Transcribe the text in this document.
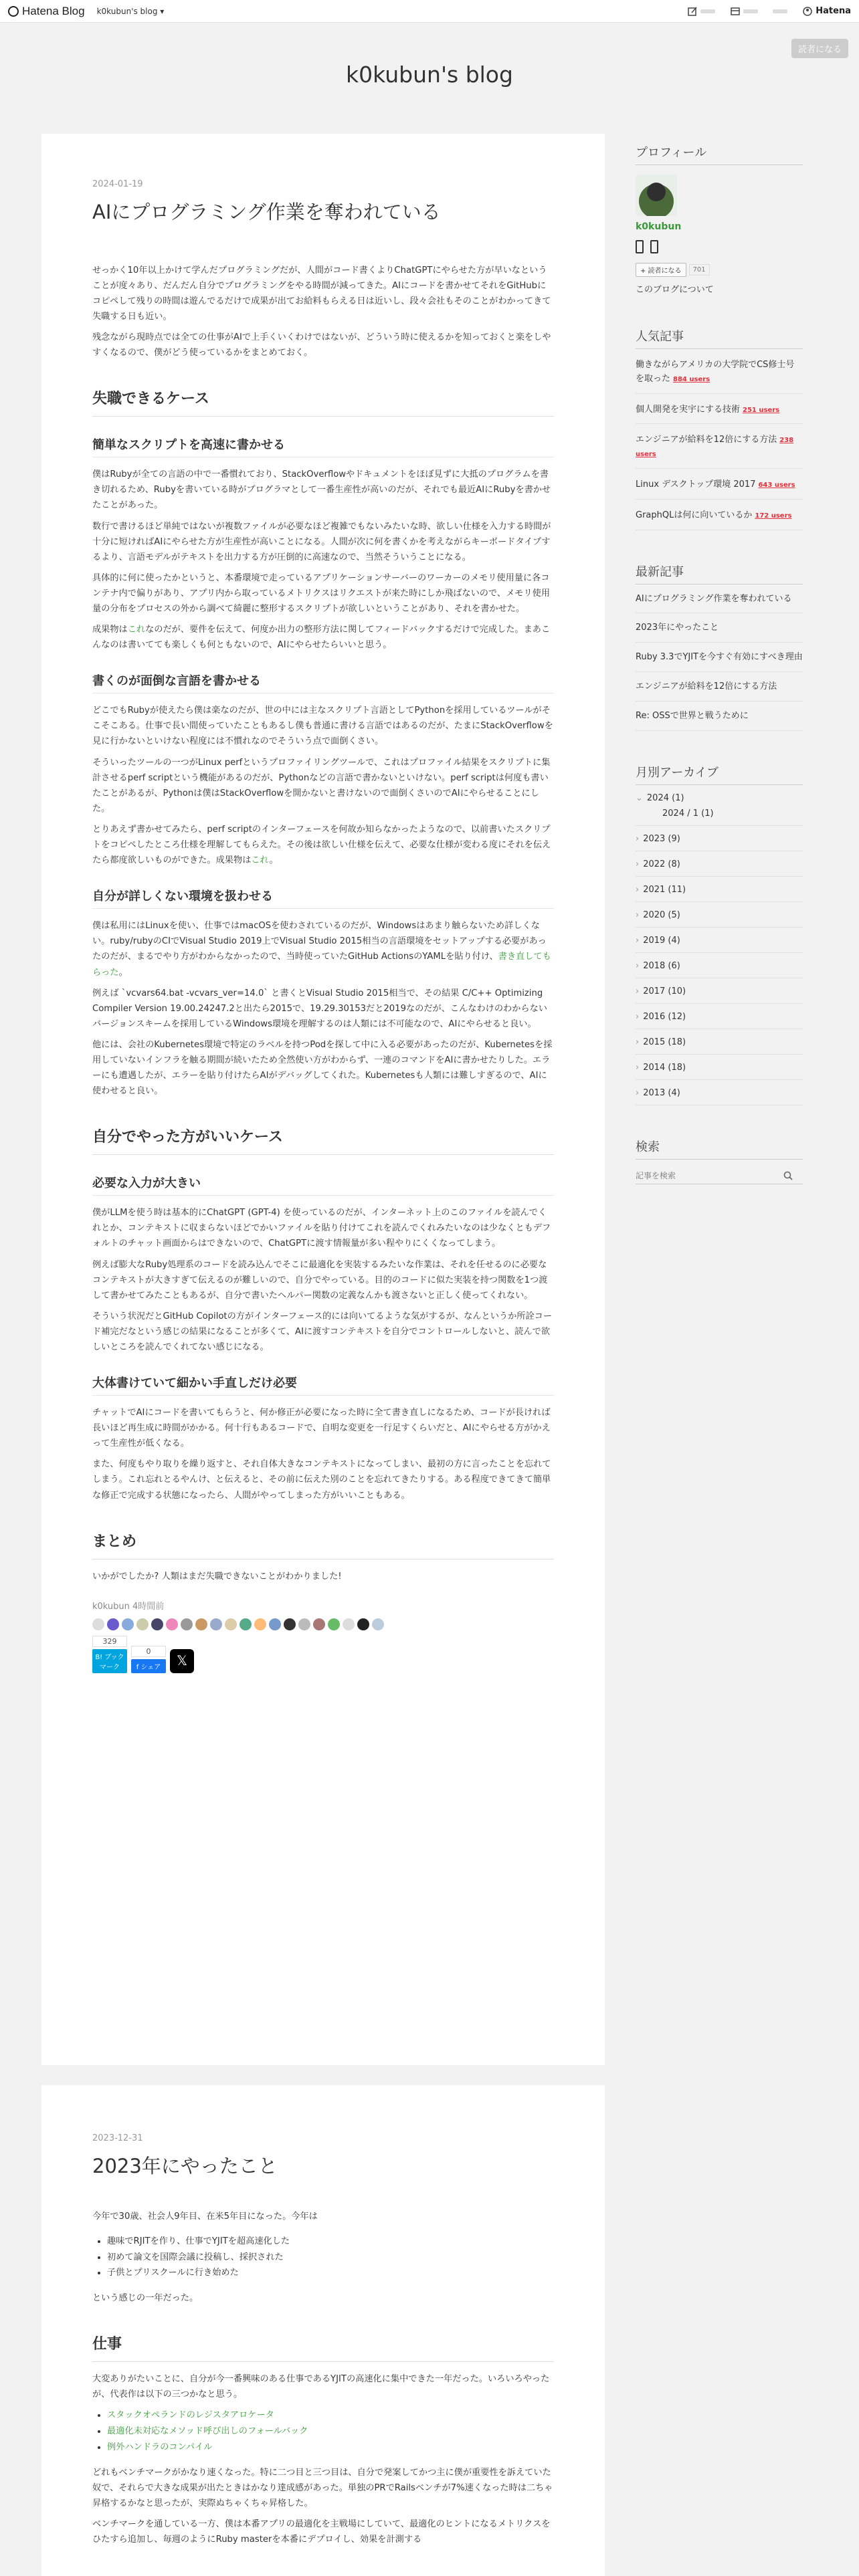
Hatena Blog k0kubun's blog ▾	Hatena
k0kubun's blog
読者になる
2024-01-19
AIにプログラミング作業を奪われている

せっかく10年以上かけて学んだプログラミングだが、人間がコード書くよりChatGPTにやらせた方が早いなということが度々あり、だんだん自分でプログラミングをやる時間が減ってきた。AIにコードを書かせてそれをGitHubにコピペして残りの時間は遊んでるだけで成果が出てお給料もらえる日は近いし、段々会社もそのことがわかってきて失職する日も近い。

残念ながら現時点では全ての仕事がAIで上手くいくわけではないが、どういう時に使えるかを知っておくと楽をしやすくなるので、僕がどう使っているかをまとめておく。

失職できるケース
簡単なスクリプトを高速に書かせる

僕はRubyが全ての言語の中で一番慣れており、StackOverflowやドキュメントをほぼ見ずに大抵のプログラムを書き切れるため、Rubyを書いている時がプログラマとして一番生産性が高いのだが、それでも最近AIにRubyを書かせたことがあった。

数行で書けるほど単純ではないが複数ファイルが必要なほど複雑でもないみたいな時、欲しい仕様を入力する時間が十分に短ければAIにやらせた方が生産性が高いことになる。人間が次に何を書くかを考えながらキーボードタイプするより、言語モデルがテキストを出力する方が圧倒的に高速なので、当然そういうことになる。

具体的に何に使ったかというと、本番環境で走っているアプリケーションサーバーのワーカーのメモリ使用量に各コンテナ内で偏りがあり、アプリ内から取っているメトリクスはリクエストが来た時にしか飛ばないので、メモリ使用量の分布をプロセスの外から調べて綺麗に整形するスクリプトが欲しいということがあり、それを書かせた。

成果物はこれなのだが、要件を伝えて、何度か出力の整形方法に関してフィードバックするだけで完成した。まあこんなのは書いてても楽しくも何ともないので、AIにやらせたらいいと思う。

書くのが面倒な言語を書かせる

どこでもRubyが使えたら僕は楽なのだが、世の中には主なスクリプト言語としてPythonを採用しているツールがそこそこある。仕事で長い間使っていたこともあるし僕も普通に書ける言語ではあるのだが、たまにStackOverflowを見に行かないといけない程度には不慣れなのでそういう点で面倒くさい。

そういったツールの一つがLinux perfというプロファイリングツールで、これはプロファイル結果をスクリプトに集計させるperf scriptという機能があるのだが、Pythonなどの言語で書かないといけない。perf scriptは何度も書いたことがあるが、Pythonは僕はStackOverflowを開かないと書けないので面倒くさいのでAIにやらせることにした。

とりあえず書かせてみたら、perf scriptのインターフェースを何故か知らなかったようなので、以前書いたスクリプトをコピペしたところ仕様を理解してもらえた。その後は欲しい仕様を伝えて、必要な仕様が変わる度にそれを伝えたら都度欲しいものができた。成果物はこれ。

自分が詳しくない環境を扱わせる

僕は私用にはLinuxを使い、仕事ではmacOSを使わされているのだが、Windowsはあまり触らないため詳しくない。ruby/rubyのCIでVisual Studio 2019上でVisual Studio 2015相当の言語環境をセットアップする必要があったのだが、まるでやり方がわからなかったので、当時使っていたGitHub ActionsのYAMLを貼り付け、書き直してもらった。

例えば `vcvars64.bat -vcvars_ver=14.0` と書くとVisual Studio 2015相当で、その結果 C/C++ Optimizing Compiler Version 19.00.24247.2と出たら2015で、19.29.30153だと2019なのだが、こんなわけのわからないバージョンスキームを採用しているWindows環境を理解するのは人類には不可能なので、AIにやらせると良い。

他には、会社のKubernetes環境で特定のラベルを持つPodを探して中に入る必要があったのだが、Kubernetesを採用していないインフラを触る期間が続いたため全然使い方がわからず、一連のコマンドをAIに書かせたりした。エラーにも遭遇したが、エラーを貼り付けたらAIがデバッグしてくれた。Kubernetesも人類には難しすぎるので、AIに使わせると良い。

自分でやった方がいいケース
必要な入力が大きい

僕がLLMを使う時は基本的にChatGPT (GPT-4) を使っているのだが、インターネット上のこのファイルを読んでくれとか、コンテキストに収まらないほどでかいファイルを貼り付けてこれを読んでくれみたいなのは少なくともデフォルトのチャット画面からはできないので、ChatGPTに渡す情報量が多い程やりにくくなってしまう。

例えば膨大なRuby処理系のコードを読み込んでそこに最適化を実装するみたいな作業は、それを任せるのに必要なコンテキストが大きすぎて伝えるのが難しいので、自分でやっている。目的のコードに似た実装を持つ関数を1つ渡して書かせてみたこともあるが、自分で書いたヘルパー関数の定義なんかも渡さないと正しく使ってくれない。

そういう状況だとGitHub Copilotの方がインターフェース的には向いてるような気がするが、なんというか所詮コード補完だなという感じの結果になることが多くて、AIに渡すコンテキストを自分でコントロールしないと、読んで欲しいところを読んでくれてない感じになる。

大体書けていて細かい手直しだけ必要

チャットでAIにコードを書いてもらうと、何か修正が必要になった時に全て書き直しになるため、コードが長ければ長いほど再生成に時間がかかる。何十行もあるコードで、自明な変更を一行足すくらいだと、AIにやらせる方がかえって生産性が低くなる。

また、何度もやり取りを繰り返すと、それ自体大きなコンテキストになってしまい、最初の方に言ったことを忘れてしまう。これ忘れとるやんけ、と伝えると、その前に伝えた別のことを忘れてきたりする。ある程度できてきて簡単な修正で完成する状態になったら、人間がやってしまった方がいいこともある。

まとめ

いかがでしたか? 人類はまだ失職できないことがわかりました!

k0kubun 4時間前
329
B! ブックマーク
0
f シェア	𝕏
2023-12-31
2023年にやったこと

今年で30歳、社会人9年目、在米5年目になった。今年は

• 趣味でRJITを作り、仕事でYJITを超高速化した
• 初めて論文を国際会議に投稿し、採択された
• 子供とプリスクールに行き始めた

という感じの一年だった。

仕事

大変ありがたいことに、自分が今一番興味のある仕事であるYJITの高速化に集中できた一年だった。いろいろやったが、代表作は以下の三つかなと思う。

• スタックオペランドのレジスタアロケータ
• 最適化未対応なメソッド呼び出しのフォールバック
• 例外ハンドラのコンパイル

どれもベンチマークがかなり速くなった。特に二つ目と三つ目は、自分で発案してかつ主に僕が重要性を訴えていた奴で、それらで大きな成果が出たときはかなり達成感があった。単独のPRでRailsベンチが7%速くなった時は二ちゃ昇格するかなと思ったが、実際ぬちゃくちゃ昇格した。

ベンチマークを通している一方、僕は本番アプリの最適化を主戦場にしていて、最適化のヒントになるメトリクスをひたすら追加し、毎週のようにRuby masterを本番にデプロイし、効果を計測する

プロフィール
k0kubun
+ 読者になる	701
このブログについて
人気記事
働きながらアメリカの大学院でCS修士号を取った 884 users
個人開発を実宇にする技術 251 users
エンジニアが給料を12倍にする方法 238 users
Linux デスクトップ環境 2017 643 users
GraphQLは何に向いているか 172 users
最新記事
AIにプログラミング作業を奪われている
2023年にやったこと
Ruby 3.3でYJITを今すぐ有効にすべき理由
エンジニアが給料を12倍にする方法
Re: OSSで世界と戦うために
月別アーカイブ
⌄ 2024 (1)
2024 / 1 (1)
› 2023 (9)
› 2022 (8)
› 2021 (11)
› 2020 (5)
› 2019 (4)
› 2018 (6)
› 2017 (10)
› 2016 (12)
› 2015 (18)
› 2014 (18)
› 2013 (4)
検索
記事を検索
